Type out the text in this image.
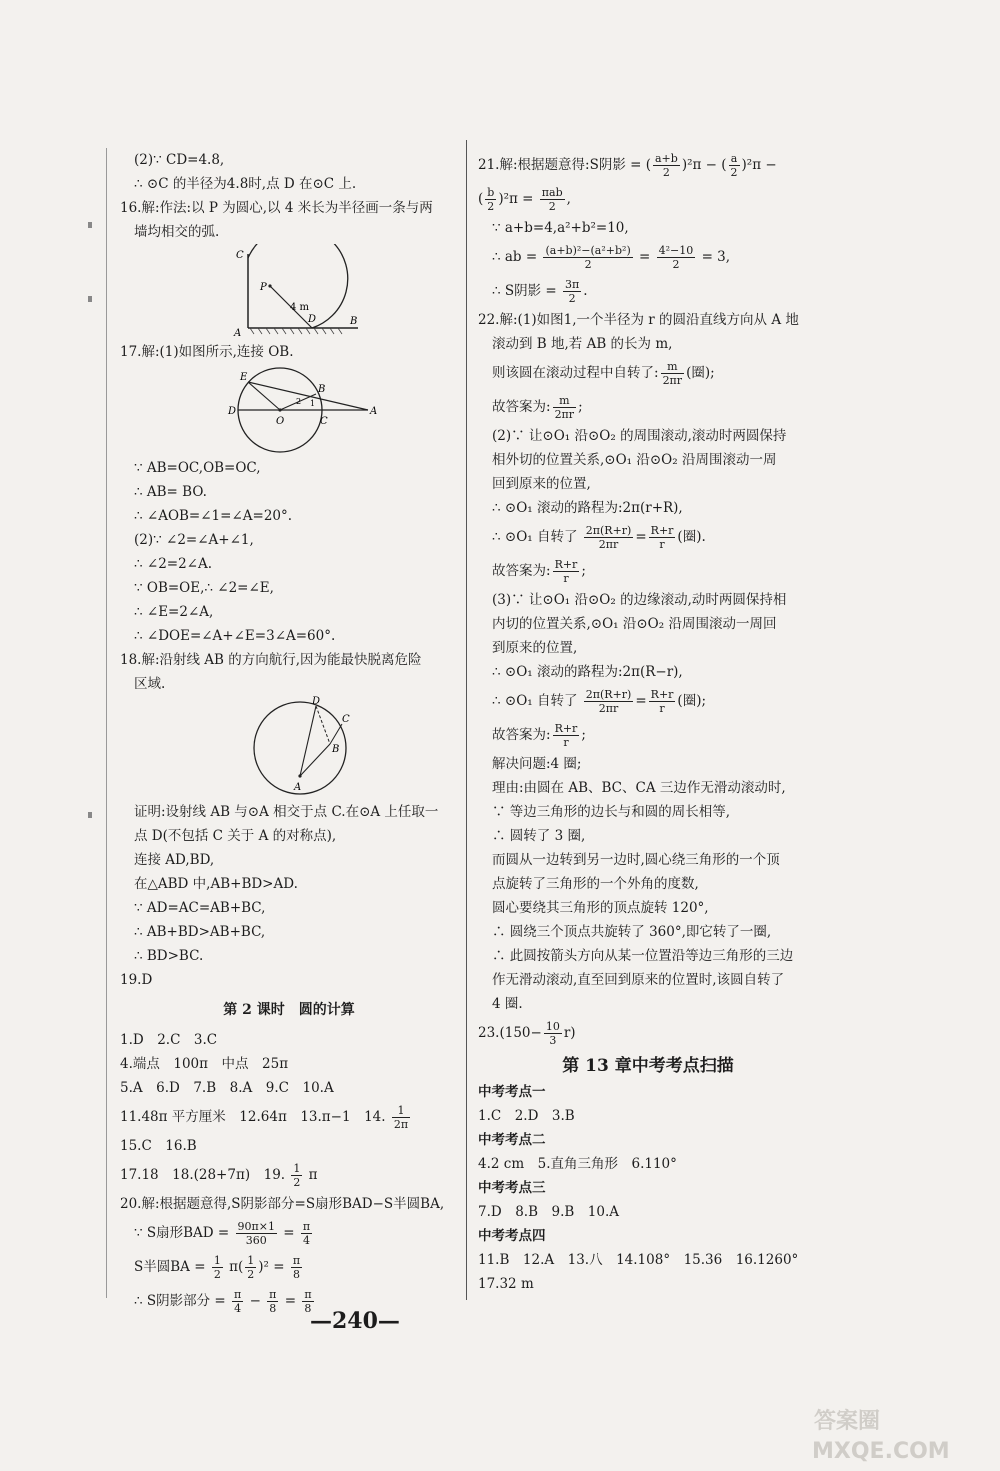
(2)∵ CD=4.8,
∴ ⊙C 的半径为4.8时,点 D 在⊙C 上.
16.解:作法:以 P 为圆心,以 4 米长为半径画一条与两
墙均相交的弧.
C
P
4 m
D
A
B
17.解:(1)如图所示,连接 OB.
E
B
D
O	C
A
2 1
∵ AB=OC,OB=OC,
∴ AB= BO.
∴ ∠AOB=∠1=∠A=20°.
(2)∵ ∠2=∠A+∠1,
∴ ∠2=2∠A.
∵ OB=OE,∴ ∠2=∠E,
∴ ∠E=2∠A,
∴ ∠DOE=∠A+∠E=3∠A=60°.
18.解:沿射线 AB 的方向航行,因为能最快脱离危险
区域.
D
C
B
A
证明:设射线 AB 与⊙A 相交于点 C.在⊙A 上任取一
点 D(不包括 C 关于 A 的对称点),
连接 AD,BD,
在△ABD 中,AB+BD>AD.
∵ AD=AC=AB+BC,
∴ AB+BD>AB+BC,
∴ BD>BC.
19.D
第 2 课时　圆的计算
1.D　2.C　3.C
4.端点　100π　中点　25π
5.A　6.D　7.B　8.A　9.C　10.A
11.48π 平方厘米　12.64π　13.π−1　14. $\frac{1}{2\pi}$
15.C　16.B
17.18　18.(28+7π)　19. $\frac{1}{2}$ π
20.解:根据题意得,S阴影部分=S扇形BAD−S半圆BA,
∵ S扇形BAD = $\frac{90\pi\times 1}{360} = \frac{\pi}{4}$
S半圆BA = $\frac{1}{2} \pi( \frac{1}{2} )^2 = \frac{\pi}{8}$
∴ S阴影部分 = $\frac{\pi}{4} - \frac{\pi}{8} = \frac{\pi}{8}$
21.解:根据题意得:S阴影 = ( $\frac{a+b}{2} )^2\pi$ − ( $\frac{a}{2} )^2\pi$ −
( $\frac{b}{2} )^2\pi = \frac{\text{πab}}{2}$ ,
∵ a+b=4,a²+b²=10,
∴ ab = $\frac{\text{(a+b)²−(a²+b²)}}{2} = \frac{\text{4²−10}}{2} = 3$,
∴ S阴影 = $\frac{3\pi}{2}$ .
22.解:(1)如图1,一个半径为 r 的圆沿直线方向从 A 地
滚动到 B 地,若 AB 的长为 m,
则该圆在滚动过程中自转了: $\frac{m}{2\pi r}$ (圈);
故答案为: $\frac{m}{2\pi r}$ ;
(2)∵ 让⊙O₁ 沿⊙O₂ 的周围滚动,滚动时两圆保持
相外切的位置关系,⊙O₁ 沿⊙O₂ 沿周围滚动一周
回到原来的位置,
∴ ⊙O₁ 滚动的路程为:2π(r+R),
∴ ⊙O₁ 自转了 $\frac{2\pi(R+r)}{2\pi r} = \frac{R+r}{r}$ (圈).
故答案为: $\frac{R+r}{r}$ ;
(3)∵ 让⊙O₁ 沿⊙O₂ 的边缘滚动,动时两圆保持相
内切的位置关系,⊙O₁ 沿⊙O₂ 沿周围滚动一周回
到原来的位置,
∴ ⊙O₁ 滚动的路程为:2π(R−r),
∴ ⊙O₁ 自转了 $\frac{2\pi(R+r)}{2\pi r} = \frac{R+r}{r}$ (圈);
故答案为: $\frac{R+r}{r}$ ;
解决问题:4 圈;
理由:由圆在 AB、BC、CA 三边作无滑动滚动时,
∵ 等边三角形的边长与和圆的周长相等,
∴ 圆转了 3 圈,
而圆从一边转到另一边时,圆心绕三角形的一个顶
点旋转了三角形的一个外角的度数,
圆心要绕其三角形的顶点旋转 120°,
∴ 圆绕三个顶点共旋转了 360°,即它转了一圈,
∴ 此圆按箭头方向从某一位置沿等边三角形的三边
作无滑动滚动,直至回到原来的位置时,该圆自转了
4 圈.
$23.(150- \frac{10}{3} r)$
第 13 章中考考点扫描
中考考点一
1.C　2.D　3.B
中考考点二
4.2 cm　5.直角三角形　6.110°
中考考点三
7.D　8.B　9.B　10.A
中考考点四
11.B　12.A　13.八　14.108°　15.36　16.1260°
17.32 m
—240—
答案圈
MXQE.COM
